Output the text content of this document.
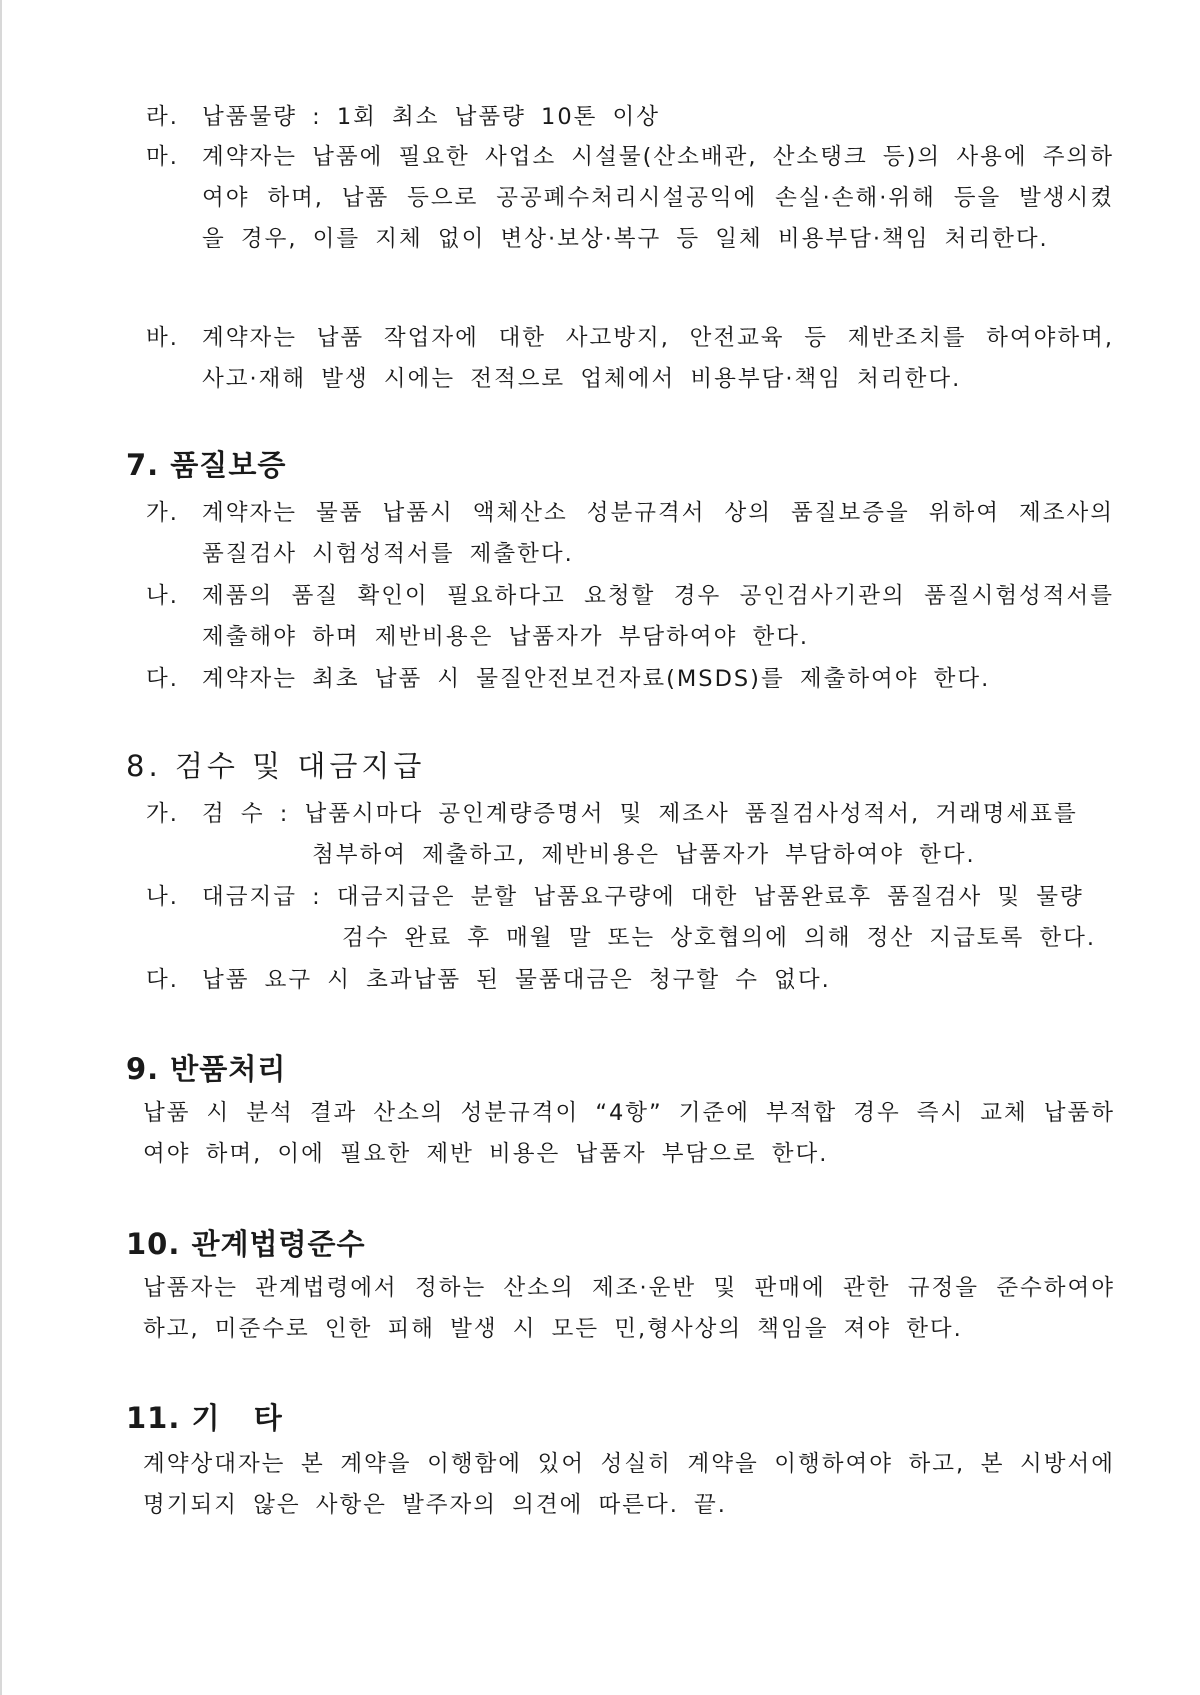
라. 납품물량 : 1회 최소 납품량 10톤 이상
마. 계약자는 납품에 필요한 사업소 시설물(산소배관, 산소탱크 등)의 사용에 주의하여야 하며, 납품 등으로 공공폐수처리시설공익에 손실·손해·위해 등을 발생시켰을 경우, 이를 지체 없이 변상·보상·복구 등 일체 비용부담·책임 처리한다.
바. 계약자는 납품 작업자에 대한 사고방지, 안전교육 등 제반조치를 하여야하며, 사고·재해 발생 시에는 전적으로 업체에서 비용부담·책임 처리한다.
7. 품질보증
가. 계약자는 물품 납품시 액체산소 성분규격서 상의 품질보증을 위하여 제조사의 품질검사 시험성적서를 제출한다.
나. 제품의 품질 확인이 필요하다고 요청할 경우 공인검사기관의 품질시험성적서를 제출해야 하며 제반비용은 납품자가 부담하여야 한다.
다. 계약자는 최초 납품 시 물질안전보건자료(MSDS)를 제출하여야 한다.
8. 검수 및 대금지급
가. 검 수 : 납품시마다 공인계량증명서 및 제조사 품질검사성적서, 거래명세표를
첨부하여 제출하고, 제반비용은 납품자가 부담하여야 한다.
나. 대금지급 : 대금지급은 분할 납품요구량에 대한 납품완료후 품질검사 및 물량
검수 완료 후 매월 말 또는 상호협의에 의해 정산 지급토록 한다.
다. 납품 요구 시 초과납품 된 물품대금은 청구할 수 없다.
9. 반품처리
납품 시 분석 결과 산소의 성분규격이 “4항” 기준에 부적합 경우 즉시 교체 납품하여야 하며, 이에 필요한 제반 비용은 납품자 부담으로 한다.
10. 관계법령준수
납품자는 관계법령에서 정하는 산소의 제조·운반 및 판매에 관한 규정을 준수하여야하고, 미준수로 인한 피해 발생 시 모든 민,형사상의 책임을 져야 한다.
11. 기   타
계약상대자는 본 계약을 이행함에 있어 성실히 계약을 이행하여야 하고, 본 시방서에 명기되지 않은 사항은 발주자의 의견에 따른다. 끝.
